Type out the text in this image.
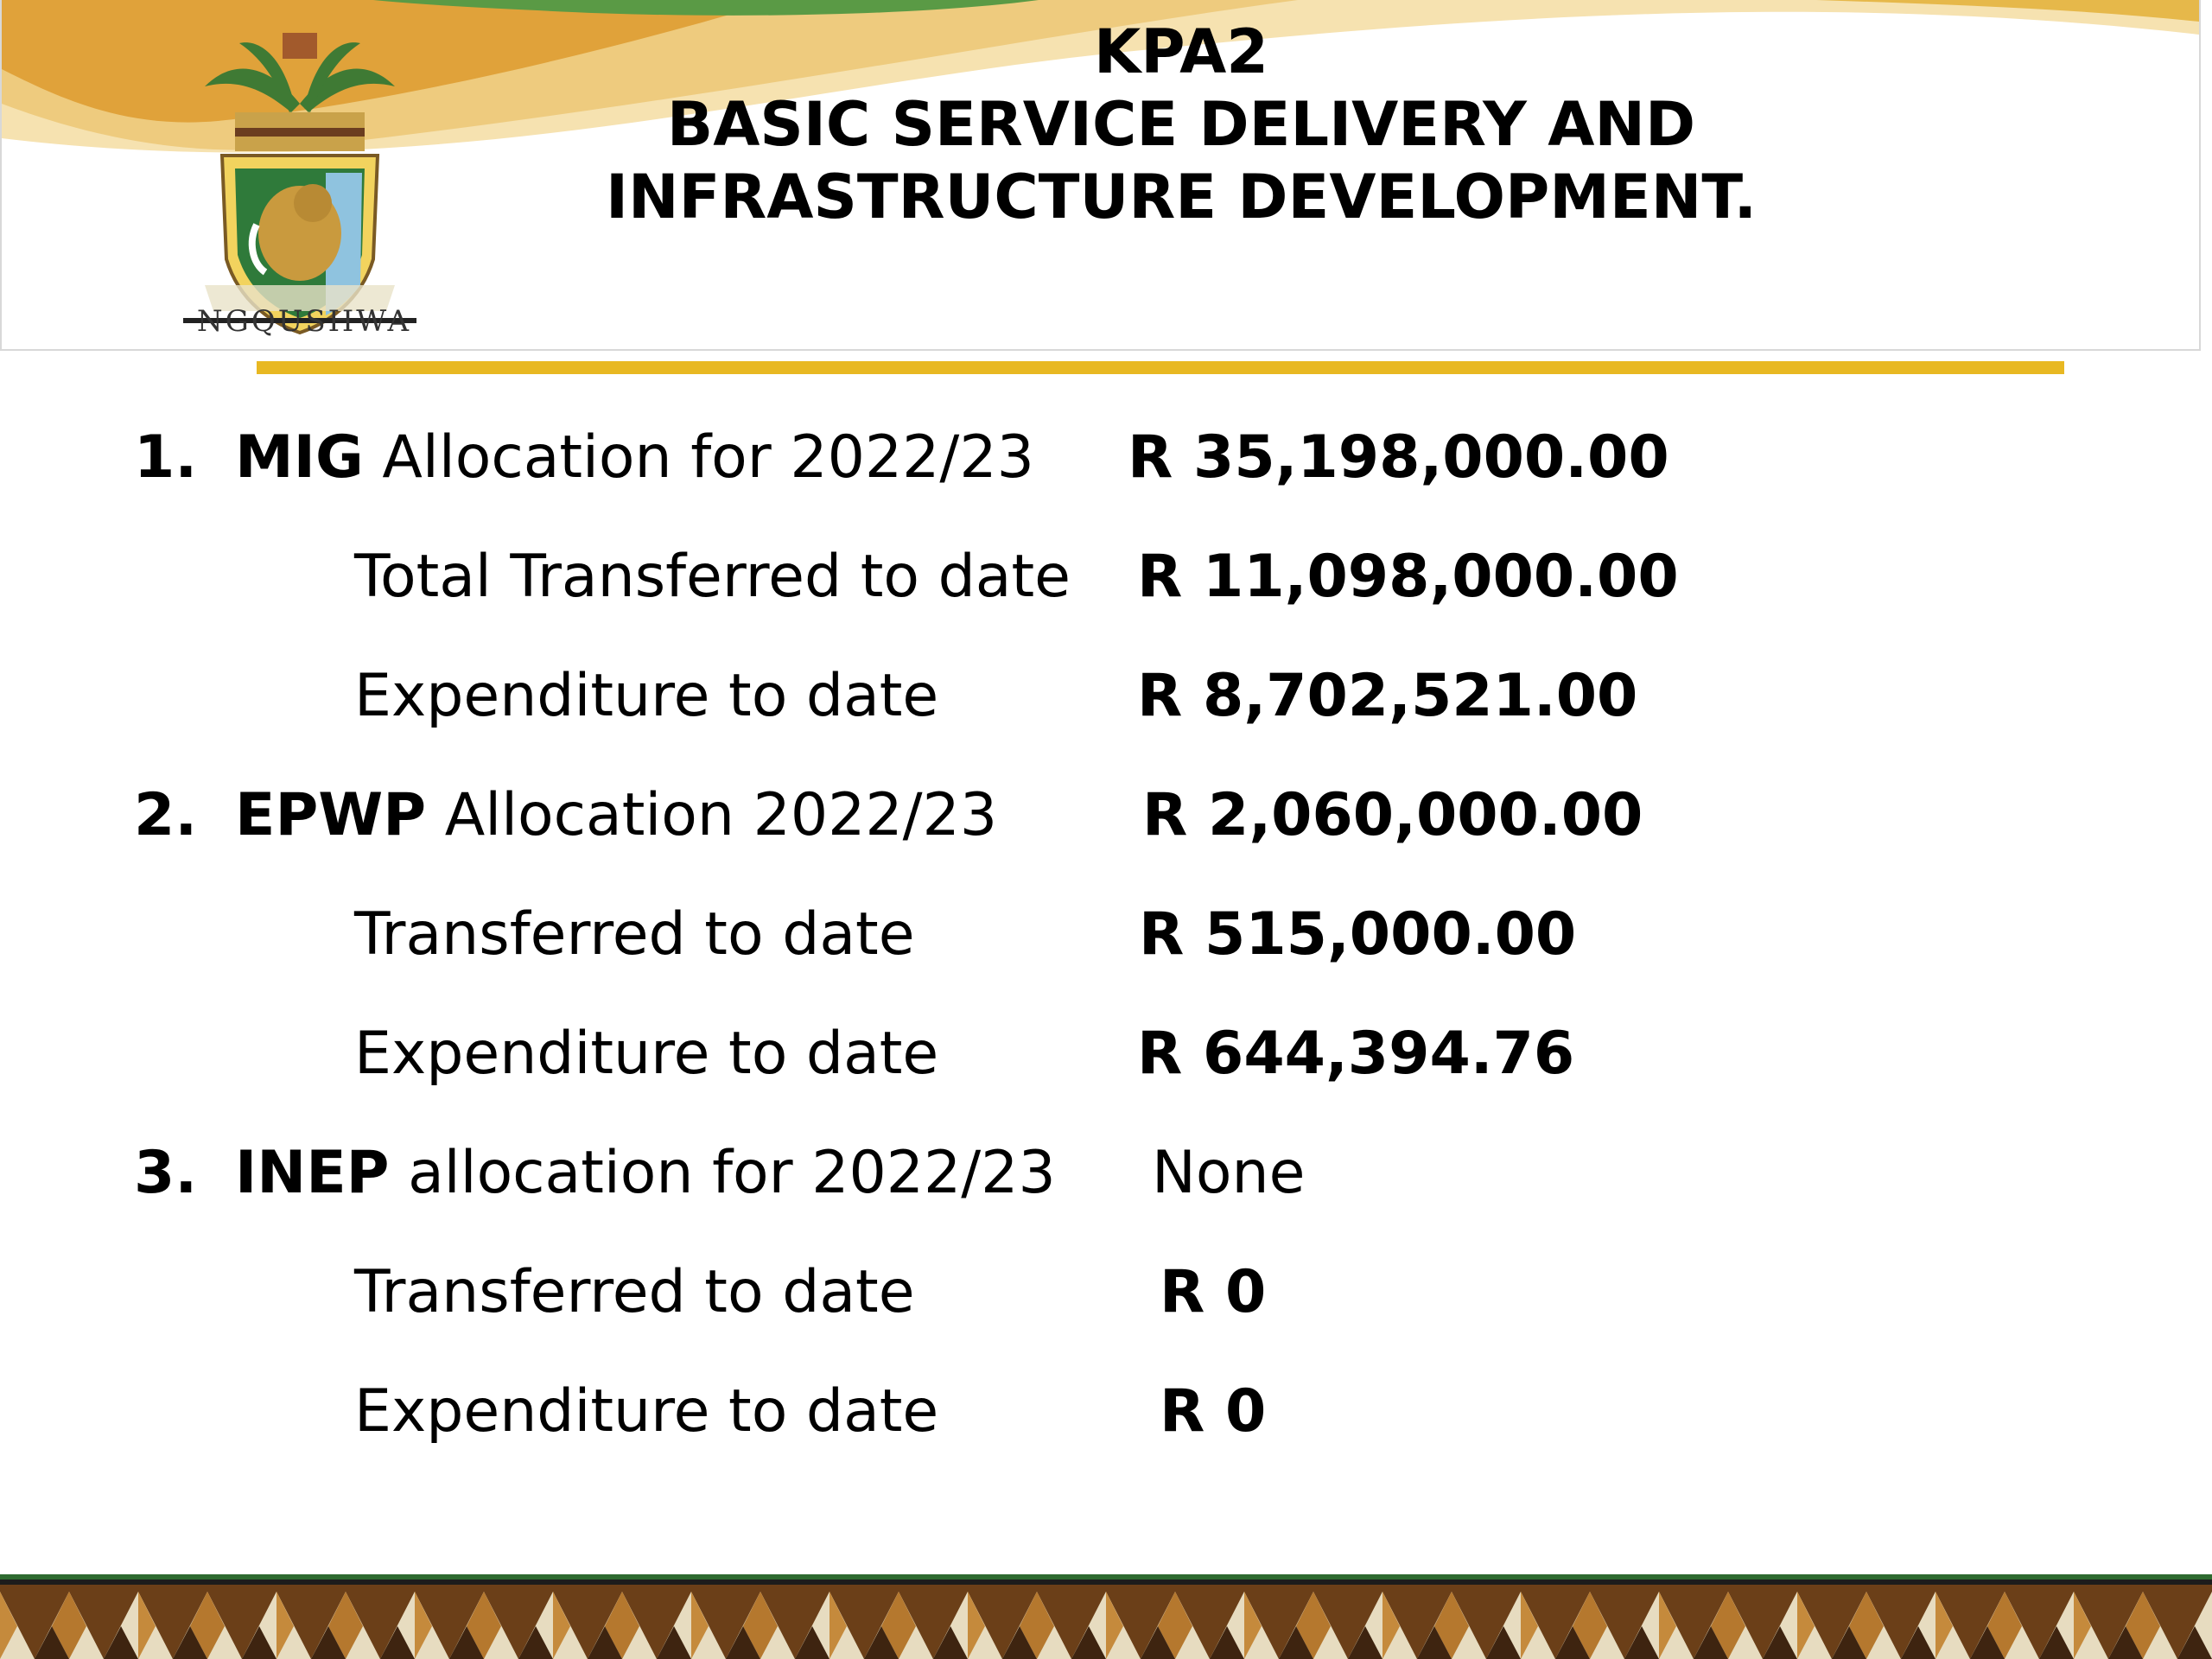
NGQUSHWA
KPA2
BASIC SERVICE DELIVERY AND
INFRASTRUCTURE DEVELOPMENT.
1. MIG Allocation for 2022/23 R 35,198,000.00
Total Transferred to date R 11,098,000.00
Expenditure to date	R 8,702,521.00
2. EPWP Allocation 2022/23 R 2,060,000.00
Transferred to date	R 515,000.00
Expenditure to date	R 644,394.76
3. INEP allocation for 2022/23 None
Transferred to date	R 0
Expenditure to date	R 0
